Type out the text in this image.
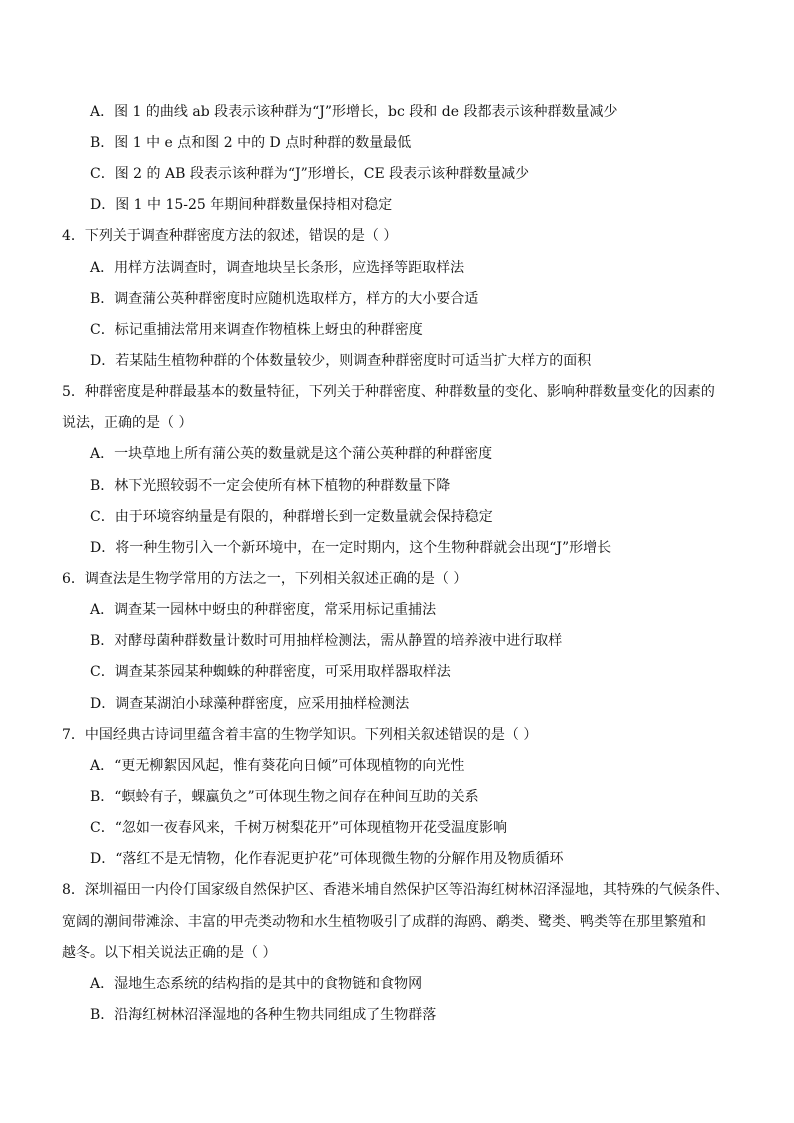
A．图 1 的曲线 ab 段表示该种群为“J”形增长，bc 段和 de 段都表示该种群数量减少
B．图 1 中 e 点和图 2 中的 D 点时种群的数量最低
C．图 2 的 AB 段表示该种群为“J”形增长，CE 段表示该种群数量减少
D．图 1 中 15-25 年期间种群数量保持相对稳定
4．下列关于调查种群密度方法的叙述，错误的是（ ）
A．用样方法调查时，调查地块呈长条形，应选择等距取样法
B．调查蒲公英种群密度时应随机选取样方，样方的大小要合适
C．标记重捕法常用来调查作物植株上蚜虫的种群密度
D．若某陆生植物种群的个体数量较少，则调查种群密度时可适当扩大样方的面积
5．种群密度是种群最基本的数量特征，下列关于种群密度、种群数量的变化、影响种群数量变化的因素的
说法，正确的是（ ）
A．一块草地上所有蒲公英的数量就是这个蒲公英种群的种群密度
B．林下光照较弱不一定会使所有林下植物的种群数量下降
C．由于环境容纳量是有限的，种群增长到一定数量就会保持稳定
D．将一种生物引入一个新环境中，在一定时期内，这个生物种群就会出现“J”形增长
6．调查法是生物学常用的方法之一，下列相关叙述正确的是（ ）
A．调查某一园林中蚜虫的种群密度，常采用标记重捕法
B．对酵母菌种群数量计数时可用抽样检测法，需从静置的培养液中进行取样
C．调查某茶园某种蜘蛛的种群密度，可采用取样器取样法
D．调查某湖泊小球藻种群密度，应采用抽样检测法
7．中国经典古诗词里蕴含着丰富的生物学知识。下列相关叙述错误的是（ ）
A．“更无柳絮因风起，惟有葵花向日倾”可体现植物的向光性
B．“螟蛉有子，蜾蠃负之”可体现生物之间存在种间互助的关系
C．“忽如一夜春风来，千树万树梨花开”可体现植物开花受温度影响
D．“落红不是无情物，化作春泥更护花”可体现微生物的分解作用及物质循环
8．深圳福田一内伶仃国家级自然保护区、香港米埔自然保护区等沿海红树林沼泽湿地，其特殊的气候条件、
宽阔的潮间带滩涂、丰富的甲壳类动物和水生植物吸引了成群的海鸥、鹬类、鹭类、鸭类等在那里繁殖和
越冬。以下相关说法正确的是（ ）
A．湿地生态系统的结构指的是其中的食物链和食物网
B．沿海红树林沼泽湿地的各种生物共同组成了生物群落
